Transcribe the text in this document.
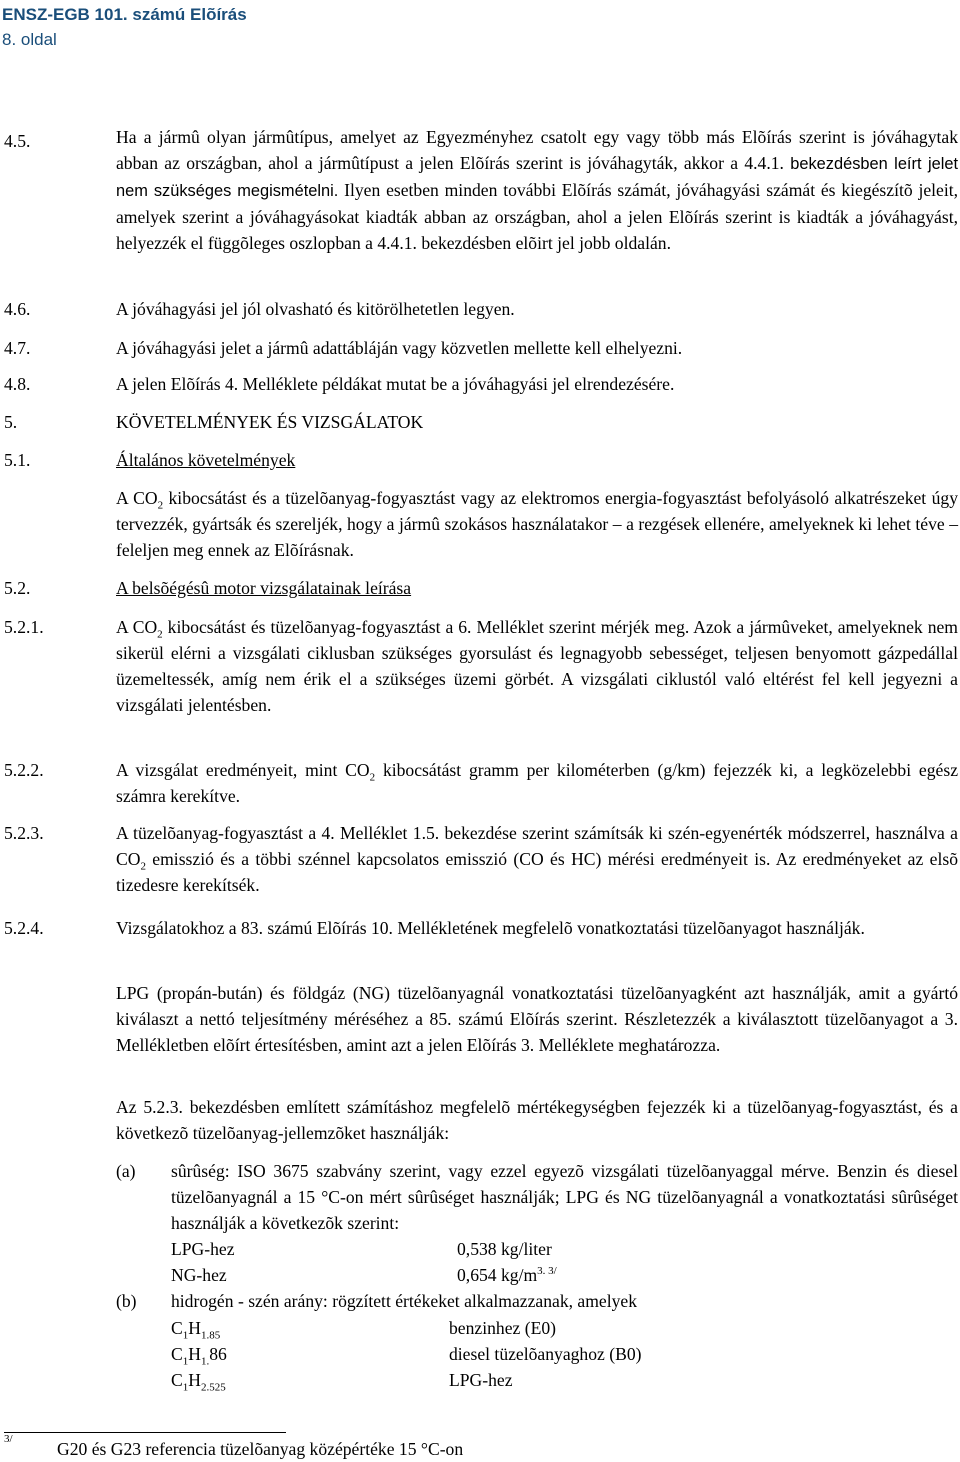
ENSZ-EGB 101. számú Elõírás
8. oldal
4.5.	Ha a jármû olyan jármûtípus, amelyet az Egyezményhez csatolt egy vagy több más Elõírás szerint is jóváhagytak abban az országban, ahol a jármûtípust a jelen Elõírás szerint is jóváhagyták, akkor a 4.4.1. bekezdésben leírt jelet nem szükséges megismételni. Ilyen esetben minden további Elõírás számát, jóváhagyási számát és kiegészítõ jeleit, amelyek szerint a jóváhagyásokat kiadták abban az országban, ahol a jelen Elõírás szerint is kiadták a jóváhagyást, helyezzék el függõleges oszlopban a 4.4.1. bekezdésben elõirt jel jobb oldalán.

4.6.	A jóváhagyási jel jól olvasható és kitörölhetetlen legyen.
4.7.	A jóváhagyási jelet a jármû adattábláján vagy közvetlen mellette kell elhelyezni.
4.8.	A jelen Elõírás 4. Melléklete példákat mutat be a jóváhagyási jel elrendezésére.
5.	KÖVETELMÉNYEK ÉS VIZSGÁLATOK
5.1.	Általános követelmények

A $CO_2$ kibocsátást és a tüzelõanyag-fogyasztást vagy az elektromos energia-fogyasztást befolyásoló alkatrészeket úgy tervezzék, gyártsák és szereljék, hogy a jármû szokásos használatakor – a rezgések ellenére, amelyeknek ki lehet téve – feleljen meg ennek az Elõírásnak.

5.2.	A belsõégésû motor vizsgálatainak leírása
5.2.1.	A $CO_2$ kibocsátást és tüzelõanyag-fogyasztást a 6. Melléklet szerint mérjék meg. Azok a jármûveket, amelyeknek nem sikerül elérni a vizsgálati ciklusban szükséges gyorsulást és legnagyobb sebességet, teljesen benyomott gázpedállal üzemeltessék, amíg nem érik el a szükséges üzemi görbét. A vizsgálati ciklustól való eltérést fel kell jegyezni a vizsgálati jelentésben.

5.2.2.	A vizsgálat eredményeit, mint $CO_2$ kibocsátást gramm per kilométerben (g/km) fejezzék ki, a legközelebbi egész számra kerekítve.

5.2.3.	A tüzelõanyag-fogyasztást a 4. Melléklet 1.5. bekezdése szerint számítsák ki szén-egyenérték módszerrel, használva a $CO_2$ emisszió és a többi szénnel kapcsolatos emisszió (CO és HC) mérési eredményeit is. Az eredményeket az elsõ tizedesre kerekítsék.

5.2.4.	Vizsgálatokhoz a 83. számú Elõírás 10. Mellékletének megfelelõ vonatkoztatási tüzelõanyagot használják.
LPG (propán-bután) és földgáz (NG) tüzelõanyagnál vonatkoztatási tüzelõanyagként azt használják, amit a gyártó kiválaszt a nettó teljesítmény méréséhez a 85. számú Elõírás szerint. Részletezzék a kiválasztott tüzelõanyagot a 3. Mellékletben elõírt értesítésben, amint azt a jelen Elõírás 3. Melléklete meghatározza.
Az 5.2.3. bekezdésben említett számításhoz megfelelõ mértékegységben fejezzék ki a tüzelõanyag-fogyasztást, és a következõ tüzelõanyag-jellemzõket használják:
(a) sûrûség: ISO 3675 szabvány szerint, vagy ezzel egyezõ vizsgálati tüzelõanyaggal mérve. Benzin és diesel tüzelõanyagnál a 15 °C-on mért sûrûséget használják; LPG és NG tüzelõanyagnál a vonatkoztatási sûrûséget használják a következõk szerint:
LPG-hez	0,538 kg/liter
NG-hez	0,654 $kg/m^{3. 3/}$
(b) hidrogén - szén arány: rögzített értékeket alkalmazzanak, amelyek
$C_1H_{1.85}$	benzinhez (E0)
$C_1H_{1.}86$	diesel tüzelõanyaghoz (B0)
$C_1H_{2.525}$	LPG-hez
3/	G20 és G23 referencia tüzelõanyag középértéke 15 °C-on
